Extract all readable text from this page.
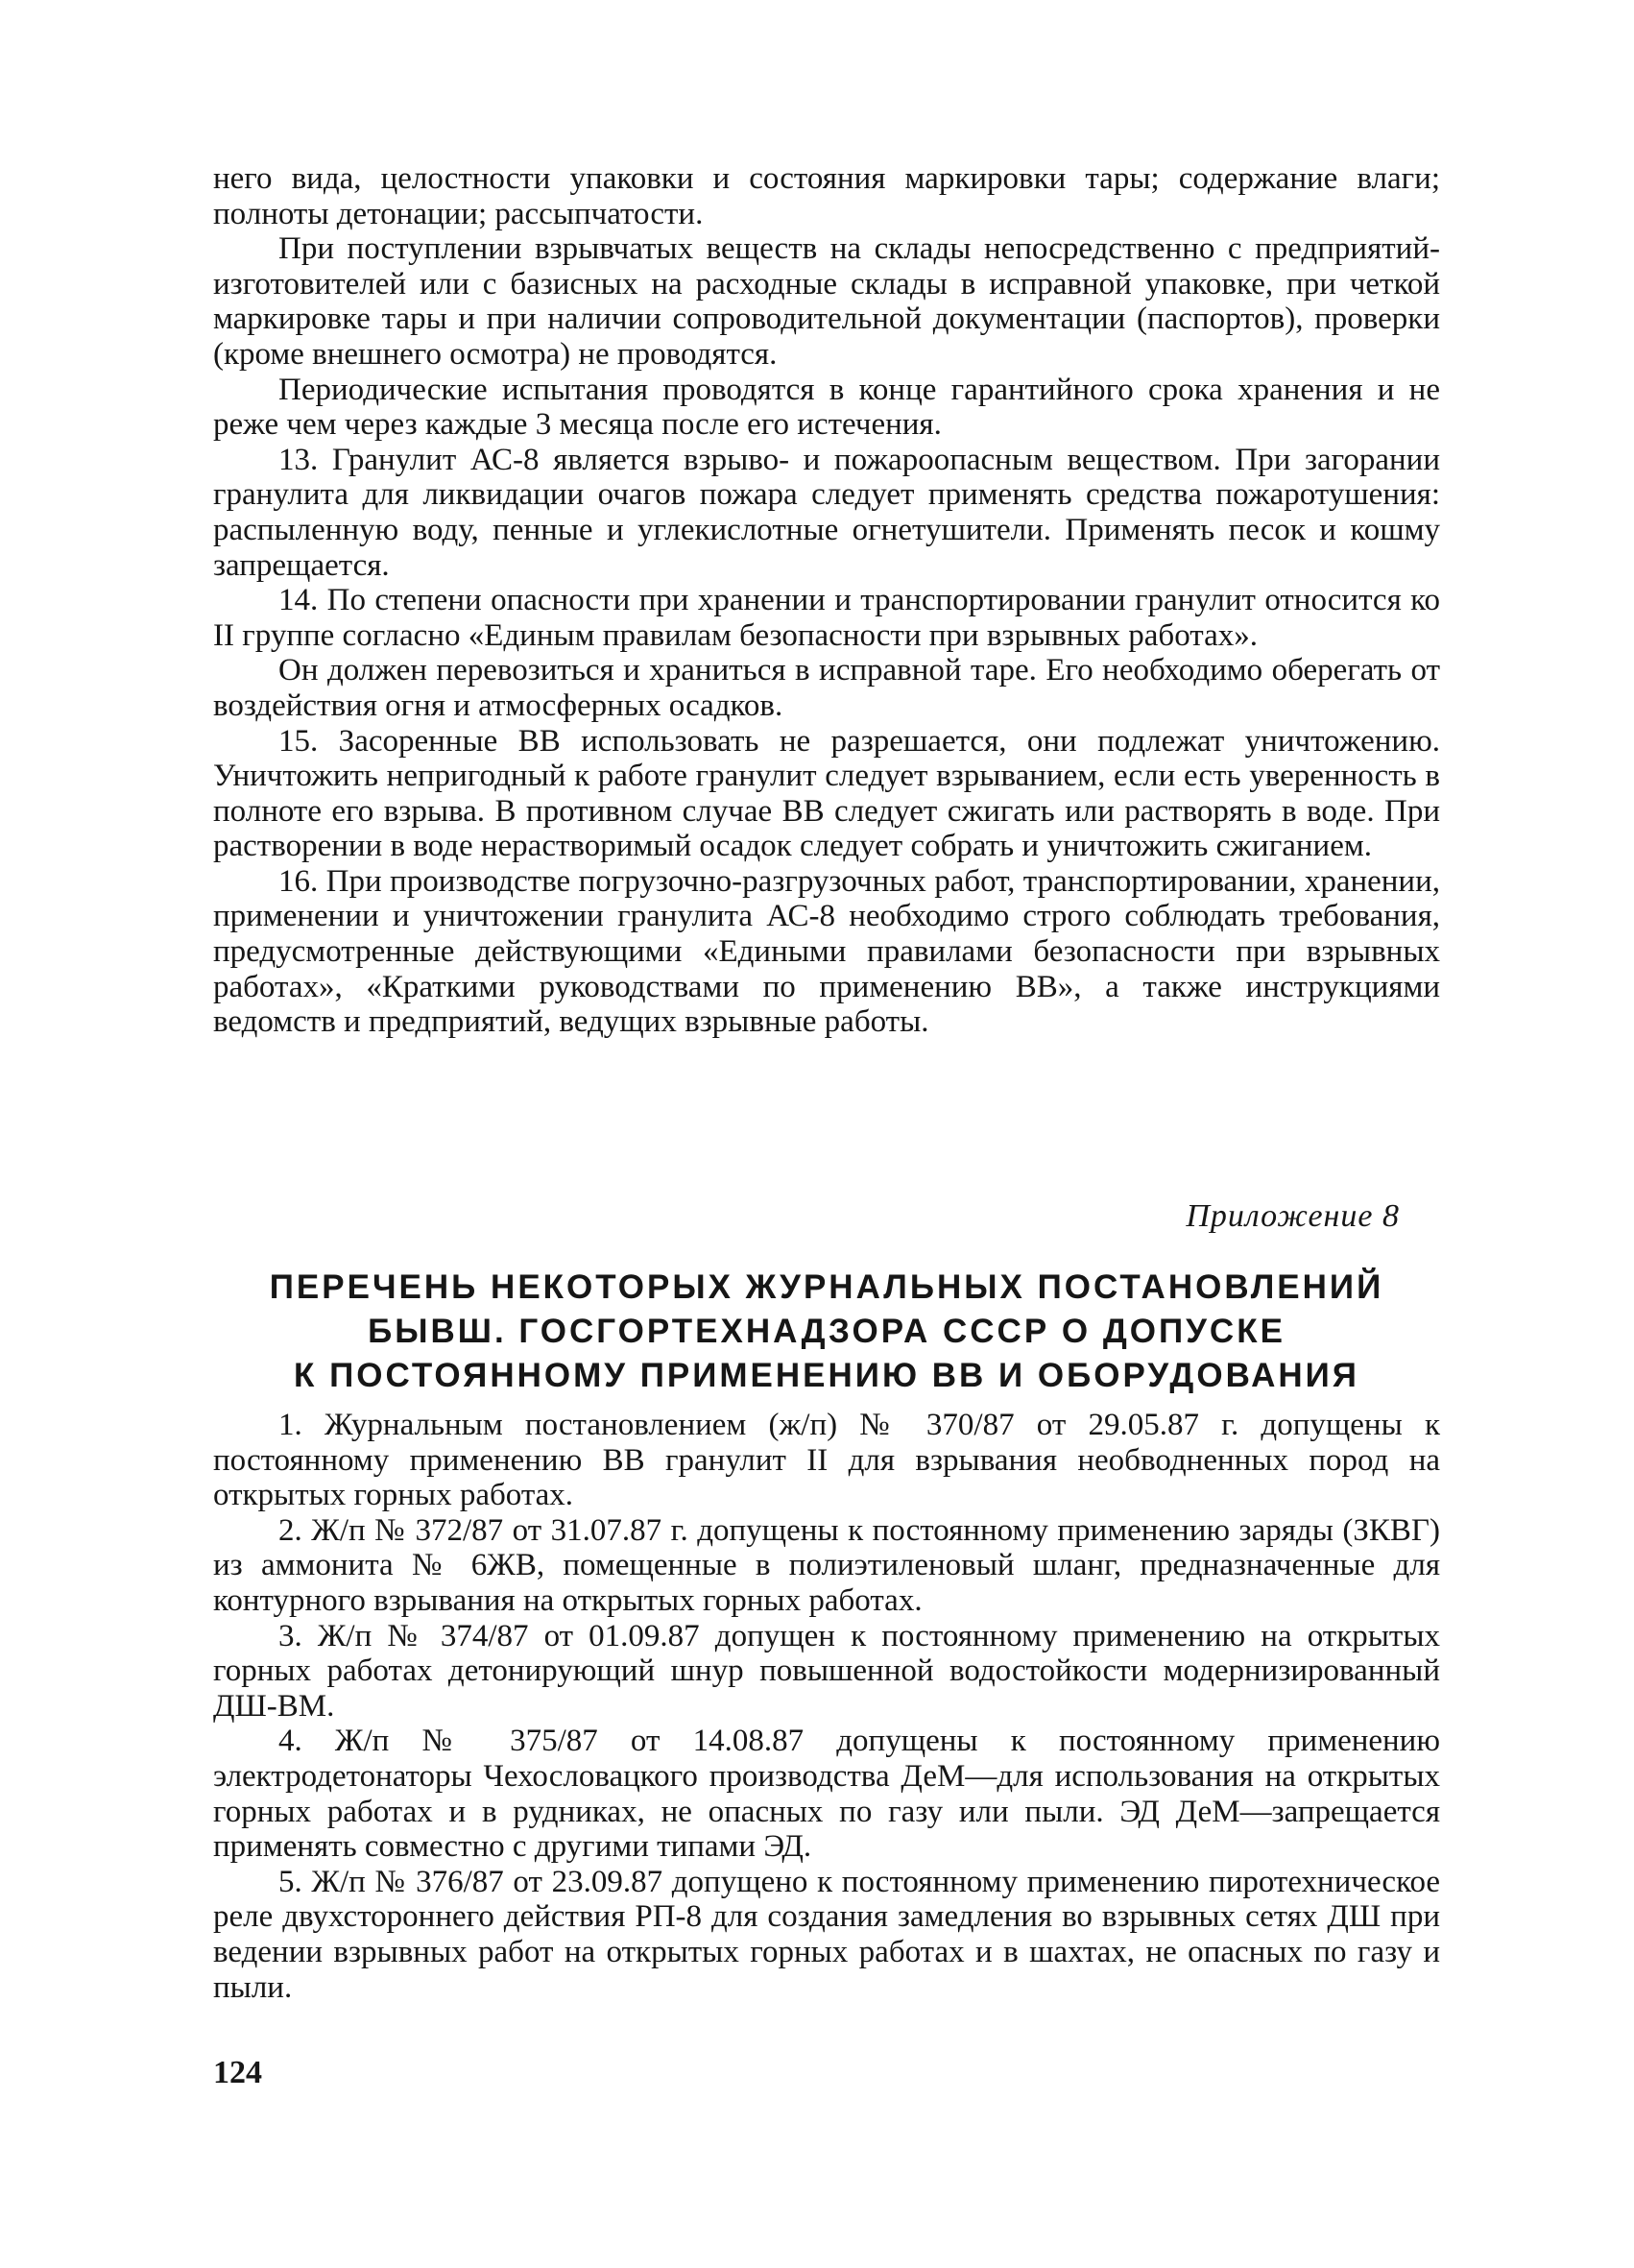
него вида, целостности упаковки и состояния маркировки тары; содержание влаги; полноты детонации; рассыпчатости.

При поступлении взрывчатых веществ на склады непосредственно с предприятий-изготовителей или с базисных на расходные склады в исправной упаковке, при четкой маркировке тары и при наличии сопроводительной документации (паспортов), проверки (кроме внешнего осмотра) не проводятся.

Периодические испытания проводятся в конце гарантийного срока хранения и не реже чем через каждые 3 месяца после его истечения.

13. Гранулит АС-8 является взрыво- и пожароопасным веществом. При загорании гранулита для ликвидации очагов пожара следует применять средства пожаротушения: распыленную воду, пенные и углекислотные огнетушители. Применять песок и кошму запрещается.

14. По степени опасности при хранении и транспортировании гранулит относится ко II группе согласно «Единым правилам безопасности при взрывных работах».

Он должен перевозиться и храниться в исправной таре. Его необходимо оберегать от воздействия огня и атмосферных осадков.

15. Засоренные ВВ использовать не разрешается, они подлежат уничтожению. Уничтожить непригодный к работе гранулит следует взрыванием, если есть уверенность в полноте его взрыва. В противном случае ВВ следует сжигать или растворять в воде. При растворении в воде нерастворимый осадок следует собрать и уничтожить сжиганием.

16. При производстве погрузочно-разгрузочных работ, транспортировании, хранении, применении и уничтожении гранулита АС-8 необходимо строго соблюдать требования, предусмотренные действующими «Едиными правилами безопасности при взрывных работах», «Краткими руководствами по применению ВВ», а также инструкциями ведомств и предприятий, ведущих взрывные работы.

Приложение 8
ПЕРЕЧЕНЬ НЕКОТОРЫХ ЖУРНАЛЬНЫХ ПОСТАНОВЛЕНИЙ
БЫВШ. ГОСГОРТЕХНАДЗОРА СССР О ДОПУСКЕ
К ПОСТОЯННОМУ ПРИМЕНЕНИЮ ВВ И ОБОРУДОВАНИЯ

1. Журнальным постановлением (ж/п) № 370/87 от 29.05.87 г. допущены к постоянному применению ВВ гранулит II для взрывания необводненных пород на открытых горных работах.

2. Ж/п № 372/87 от 31.07.87 г. допущены к постоянному применению заряды (ЗКВГ) из аммонита № 6ЖВ, помещенные в полиэтиленовый шланг, предназначенные для контурного взрывания на открытых горных работах.

3. Ж/п № 374/87 от 01.09.87 допущен к постоянному применению на открытых горных работах детонирующий шнур повышенной водостойкости модернизированный ДШ-ВМ.

4. Ж/п № 375/87 от 14.08.87 допущены к постоянному применению электродетонаторы Чехословацкого производства ДеМ—для использования на открытых горных работах и в рудниках, не опасных по газу или пыли. ЭД ДеМ—запрещается применять совместно с другими типами ЭД.

5. Ж/п № 376/87 от 23.09.87 допущено к постоянному применению пиротехническое реле двухстороннего действия РП-8 для создания замедления во взрывных сетях ДШ при ведении взрывных работ на открытых горных работах и в шахтах, не опасных по газу и пыли.

124
